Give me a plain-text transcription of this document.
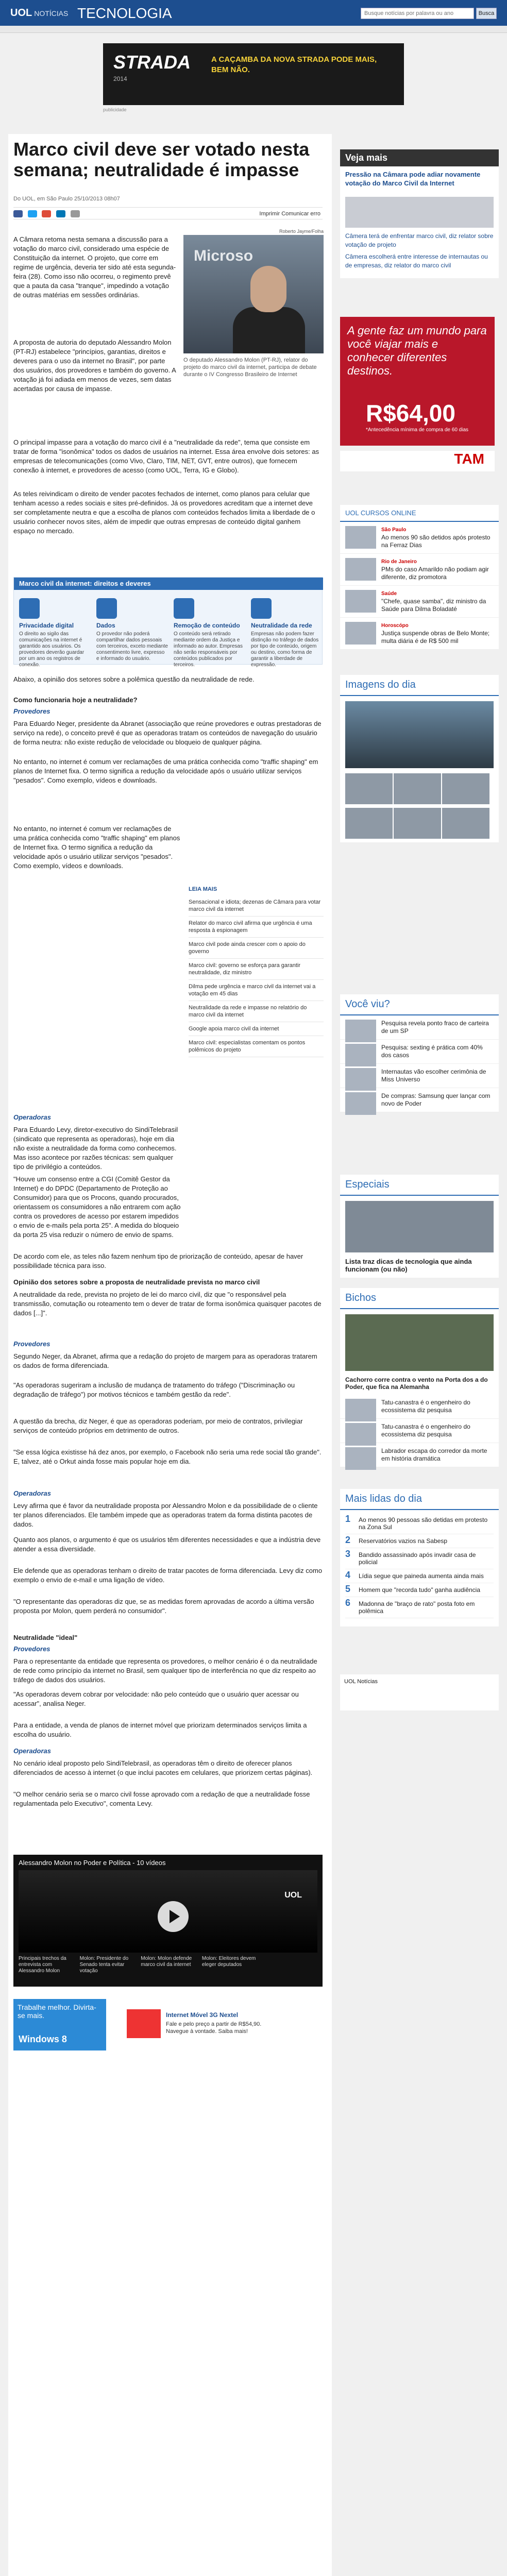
UOL NOTÍCIAS TECNOLOGIA
Busque notícias por palavra ou ano	Busca
STRADA
2014
A CAÇAMBA DA NOVA STRADA PODE MAIS, BEM NÃO.
publicidade
Marco civil deve ser votado nesta semana; neutralidade é impasse
Do UOL, em São Paulo 25/10/2013 08h07

Imprimir Comunicar erro
A Câmara retoma nesta semana a discussão para a votação do marco civil, considerado uma espécie de Constituição da internet. O projeto, que corre em regime de urgência, deveria ter sido até esta segunda-feira (28). Como isso não ocorreu, o regimento prevê que a pauta da casa "tranque", impedindo a votação de outras matérias em sessões ordinárias.
A proposta de autoria do deputado Alessandro Molon (PT-RJ) estabelece "princípios, garantias, direitos e deveres para o uso da internet no Brasil", por parte dos usuários, dos provedores e também do governo. A votação já foi adiada em menos de vezes, sem datas acertadas por causa de impasse.
Microso
Roberto Jayme/Folha
O deputado Alessandro Molon (PT-RJ), relator do projeto do marco civil da internet, participa de debate durante o IV Congresso Brasileiro de Internet
O principal impasse para a votação do marco civil é a "neutralidade da rede", tema que consiste em tratar de forma "isonômica" todos os dados de usuários na internet. Essa área envolve dois setores: as empresas de telecomunicações (como Vivo, Claro, TIM, NET, GVT, entre outros), que fornecem conexão à internet, e provedores de acesso (como UOL, Terra, IG e Globo).
As teles reivindicam o direito de vender pacotes fechados de internet, como planos para celular que tenham acesso a redes sociais e sites pré-definidos. Já os provedores acreditam que a internet deve ser completamente neutra e que a escolha de planos com conteúdos fechados limita a liberdade de o usuário conhecer novos sites, além de impedir que outras empresas de conteúdo digital ganhem espaço no mercado.
Marco civil da internet: direitos e deveres
Privacidade digital
O direito ao sigilo das comunicações na internet é garantido aos usuários. Os provedores deverão guardar por um ano os registros de conexão.
Dados
O provedor não poderá compartilhar dados pessoais com terceiros, exceto mediante consentimento livre, expresso e informado do usuário.
Remoção de conteúdo
O conteúdo será retirado mediante ordem da Justiça e informado ao autor. Empresas não serão responsáveis por conteúdos publicados por terceiros.
Neutralidade da rede
Empresas não podem fazer distinção no tráfego de dados por tipo de conteúdo, origem ou destino, como forma de garantir a liberdade de expressão.
Abaixo, a opinião dos setores sobre a polêmica questão da neutralidade de rede.
Como funcionaria hoje a neutralidade?
Provedores
Para Eduardo Neger, presidente da Abranet (associação que reúne provedores e outras prestadoras de serviço na rede), o conceito prevê é que as operadoras tratam os conteúdos de navegação do usuário de forma neutra: não existe redução de velocidade ou bloqueio de qualquer página.
No entanto, no internet é comum ver reclamações de uma prática conhecida como "traffic shaping" em planos de Internet fixa. O termo significa a redução da velocidade após o usuário utilizar serviços "pesados". Como exemplo, vídeos e downloads.
LEIA MAIS
Sensacional e idiota; dezenas de Câmara para votar marco civil da internet
Relator do marco civil afirma que urgência é uma resposta à espionagem
Marco civil pode ainda crescer com o apoio do governo
Marco civil: governo se esforça para garantir neutralidade, diz ministro
Dilma pede urgência e marco civil da internet vai a votação em 45 dias
Neutralidade da rede e impasse no relatório do marco civil da internet
Google apoia marco civil da internet
Marco civil: especialistas comentam os pontos polêmicos do projeto
No entanto, no internet é comum ver reclamações de uma prática conhecida como "traffic shaping" em planos de Internet fixa. O termo significa a redução da velocidade após o usuário utilizar serviços "pesados". Como exemplo, vídeos e downloads.
Operadoras
Para Eduardo Levy, diretor-executivo do SindiTelebrasil (sindicato que representa as operadoras), hoje em dia não existe a neutralidade da forma como conhecemos. Mas isso acontece por razões técnicas: sem qualquer tipo de privilégio a conteúdos.
"Houve um consenso entre a CGI (Comitê Gestor da Internet) e do DPDC (Departamento de Proteção ao Consumidor) para que os Procons, quando procurados, orientassem os consumidores a não entrarem com ação contra os provedores de acesso por estarem impedidos o envio de e-mails pela porta 25". A medida do bloqueio da porta 25 visa reduzir o número de envio de spams.
De acordo com ele, as teles não fazem nenhum tipo de priorização de conteúdo, apesar de haver possibilidade técnica para isso.
Opinião dos setores sobre a proposta de neutralidade prevista no marco civil
A neutralidade da rede, prevista no projeto de lei do marco civil, diz que "o responsável pela transmissão, comutação ou roteamento tem o dever de tratar de forma isonômica quaisquer pacotes de dados [...]".
Provedores
Segundo Neger, da Abranet, afirma que a redação do projeto de margem para as operadoras tratarem os dados de forma diferenciada.
"As operadoras sugeriram a inclusão de mudança de tratamento do tráfego ("Discriminação ou degradação de tráfego") por motivos técnicos e também gestão da rede".
A questão da brecha, diz Neger, é que as operadoras poderiam, por meio de contratos, privilegiar serviços de conteúdo próprios em detrimento de outros.
"Se essa lógica existisse há dez anos, por exemplo, o Facebook não seria uma rede social tão grande". E, talvez, até o Orkut ainda fosse mais popular hoje em dia.
Operadoras
Levy afirma que é favor da neutralidade proposta por Alessandro Molon e da possibilidade de o cliente ter planos diferenciados. Ele também impede que as operadoras tratem da forma distinta pacotes de dados.
Quanto aos planos, o argumento é que os usuários têm diferentes necessidades e que a indústria deve atender a essa diversidade.
Ele defende que as operadoras tenham o direito de tratar pacotes de forma diferenciada. Levy diz como exemplo o envio de e-mail e uma ligação de vídeo.
"O representante das operadoras diz que, se as medidas forem aprovadas de acordo a última versão proposta por Molon, quem perderá no consumidor".
Neutralidade "ideal"
Provedores
Para o representante da entidade que representa os provedores, o melhor cenário é o da neutralidade de rede como princípio da internet no Brasil, sem qualquer tipo de interferência no que diz respeito ao tráfego de dados dos usuários.
"As operadoras devem cobrar por velocidade: não pelo conteúdo que o usuário quer acessar ou acessar", analisa Neger.
Para a entidade, a venda de planos de internet móvel que priorizam determinados serviços limita a escolha do usuário.
Operadoras
No cenário ideal proposto pelo SindiTelebrasil, as operadoras têm o direito de oferecer planos diferenciados de acesso à internet (o que inclui pacotes em celulares, que priorizem certas páginas).
"O melhor cenário seria se o marco civil fosse aprovado com a redação de que a neutralidade fosse regulamentada pelo Executivo", comenta Levy.
Alessandro Molon no Poder e Política - 10 vídeos
UOL
Principais trechos da entrevista com Alessandro Molon Molon: Presidente do Senado tenta evitar votação Molon: Molon defende marco civil da internet Molon: Eleitores devem eleger deputados
Trabalhe melhor. Divirta-se mais.
Windows 8
Internet Móvel 3G Nextel
Fale e pelo preço a partir de R$54,90. Navegue à vontade. Saiba mais!
Veja mais
Pressão na Câmara pode adiar novamente votação do Marco Civil da Internet
Câmera terá de enfrentar marco civil, diz relator sobre votação de projeto
Câmera escolherá entre interesse de internautas ou de empresas, diz relator do marco civil
A gente faz um mundo para você viajar mais e conhecer diferentes destinos.
R$64,00
*Antecedência mínima de compra de 60 dias
TAM
UOL CURSOS ONLINE
São Paulo
Ao menos 90 são detidos após protesto na Ferraz Dias
Rio de Janeiro
PMs do caso Amarildo não podiam agir diferente, diz promotora
Saúde
"Chefe, quase samba", diz ministro da Saúde para Dilma Boladaté
Horoscópo
Justiça suspende obras de Belo Monte; multa diária é de R$ 500 mil
Imagens do dia

Você viu?
Pesquisa revela ponto fraco de carteira de um SP
Pesquisa: sexting é prática com 40% dos casos
Internautas vão escolher cerimônia de Miss Universo
De compras: Samsung quer lançar com novo de Poder
Especiais
Lista traz dicas de tecnologia que ainda funcionam (ou não)
Bichos
Cachorro corre contra o vento na Porta dos a do Poder, que fica na Alemanha
Tatu-canastra é o engenheiro do ecossistema diz pesquisa
Tatu-canastra é o engenheiro do ecossistema diz pesquisa
Labrador escapa do corredor da morte em história dramática
Mais lidas do dia
1 Ao menos 90 pessoas são detidas em protesto na Zona Sul
2 Reservatórios vazios na Sabesp
3 Bandido assassinado após invadir casa de policial
4 Lídia segue que paineda aumenta ainda mais
5 Homem que "recorda tudo" ganha audiência
6 Madonna de "braço de rato" posta foto em polêmica
UOL Notícias
